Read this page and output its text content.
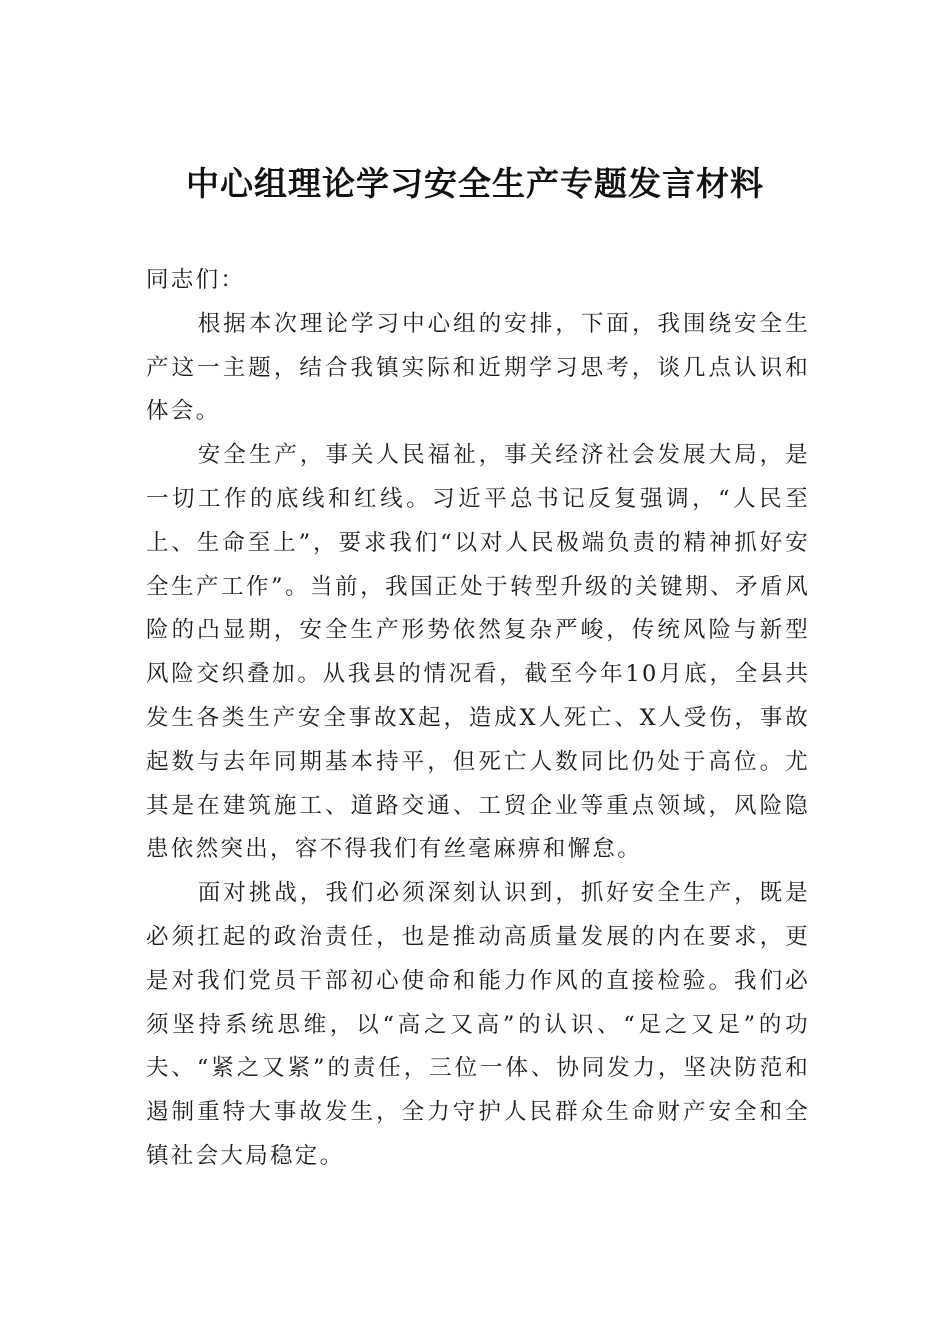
中心组理论学习安全生产专题发言材料

同志们：

根据本次理论学习中心组的安排，下面，我围绕安全生产这一主题，结合我镇实际和近期学习思考，谈几点认识和体会。

安全生产，事关人民福祉，事关经济社会发展大局，是一切工作的底线和红线。习近平总书记反复强调，“人民至上、生命至上”，要求我们“以对人民极端负责的精神抓好安全生产工作”。当前，我国正处于转型升级的关键期、矛盾风险的凸显期，安全生产形势依然复杂严峻，传统风险与新型风险交织叠加。从我县的情况看，截至今年10月底，全县共发生各类生产安全事故X起，造成X人死亡、X人受伤，事故起数与去年同期基本持平，但死亡人数同比仍处于高位。尤其是在建筑施工、道路交通、工贸企业等重点领域，风险隐患依然突出，容不得我们有丝毫麻痹和懈怠。

面对挑战，我们必须深刻认识到，抓好安全生产，既是必须扛起的政治责任，也是推动高质量发展的内在要求，更是对我们党员干部初心使命和能力作风的直接检验。我们必须坚持系统思维，以“高之又高”的认识、“足之又足”的功夫、“紧之又紧”的责任，三位一体、协同发力，坚决防范和遏制重特大事故发生，全力守护人民群众生命财产安全和全镇社会大局稳定。
